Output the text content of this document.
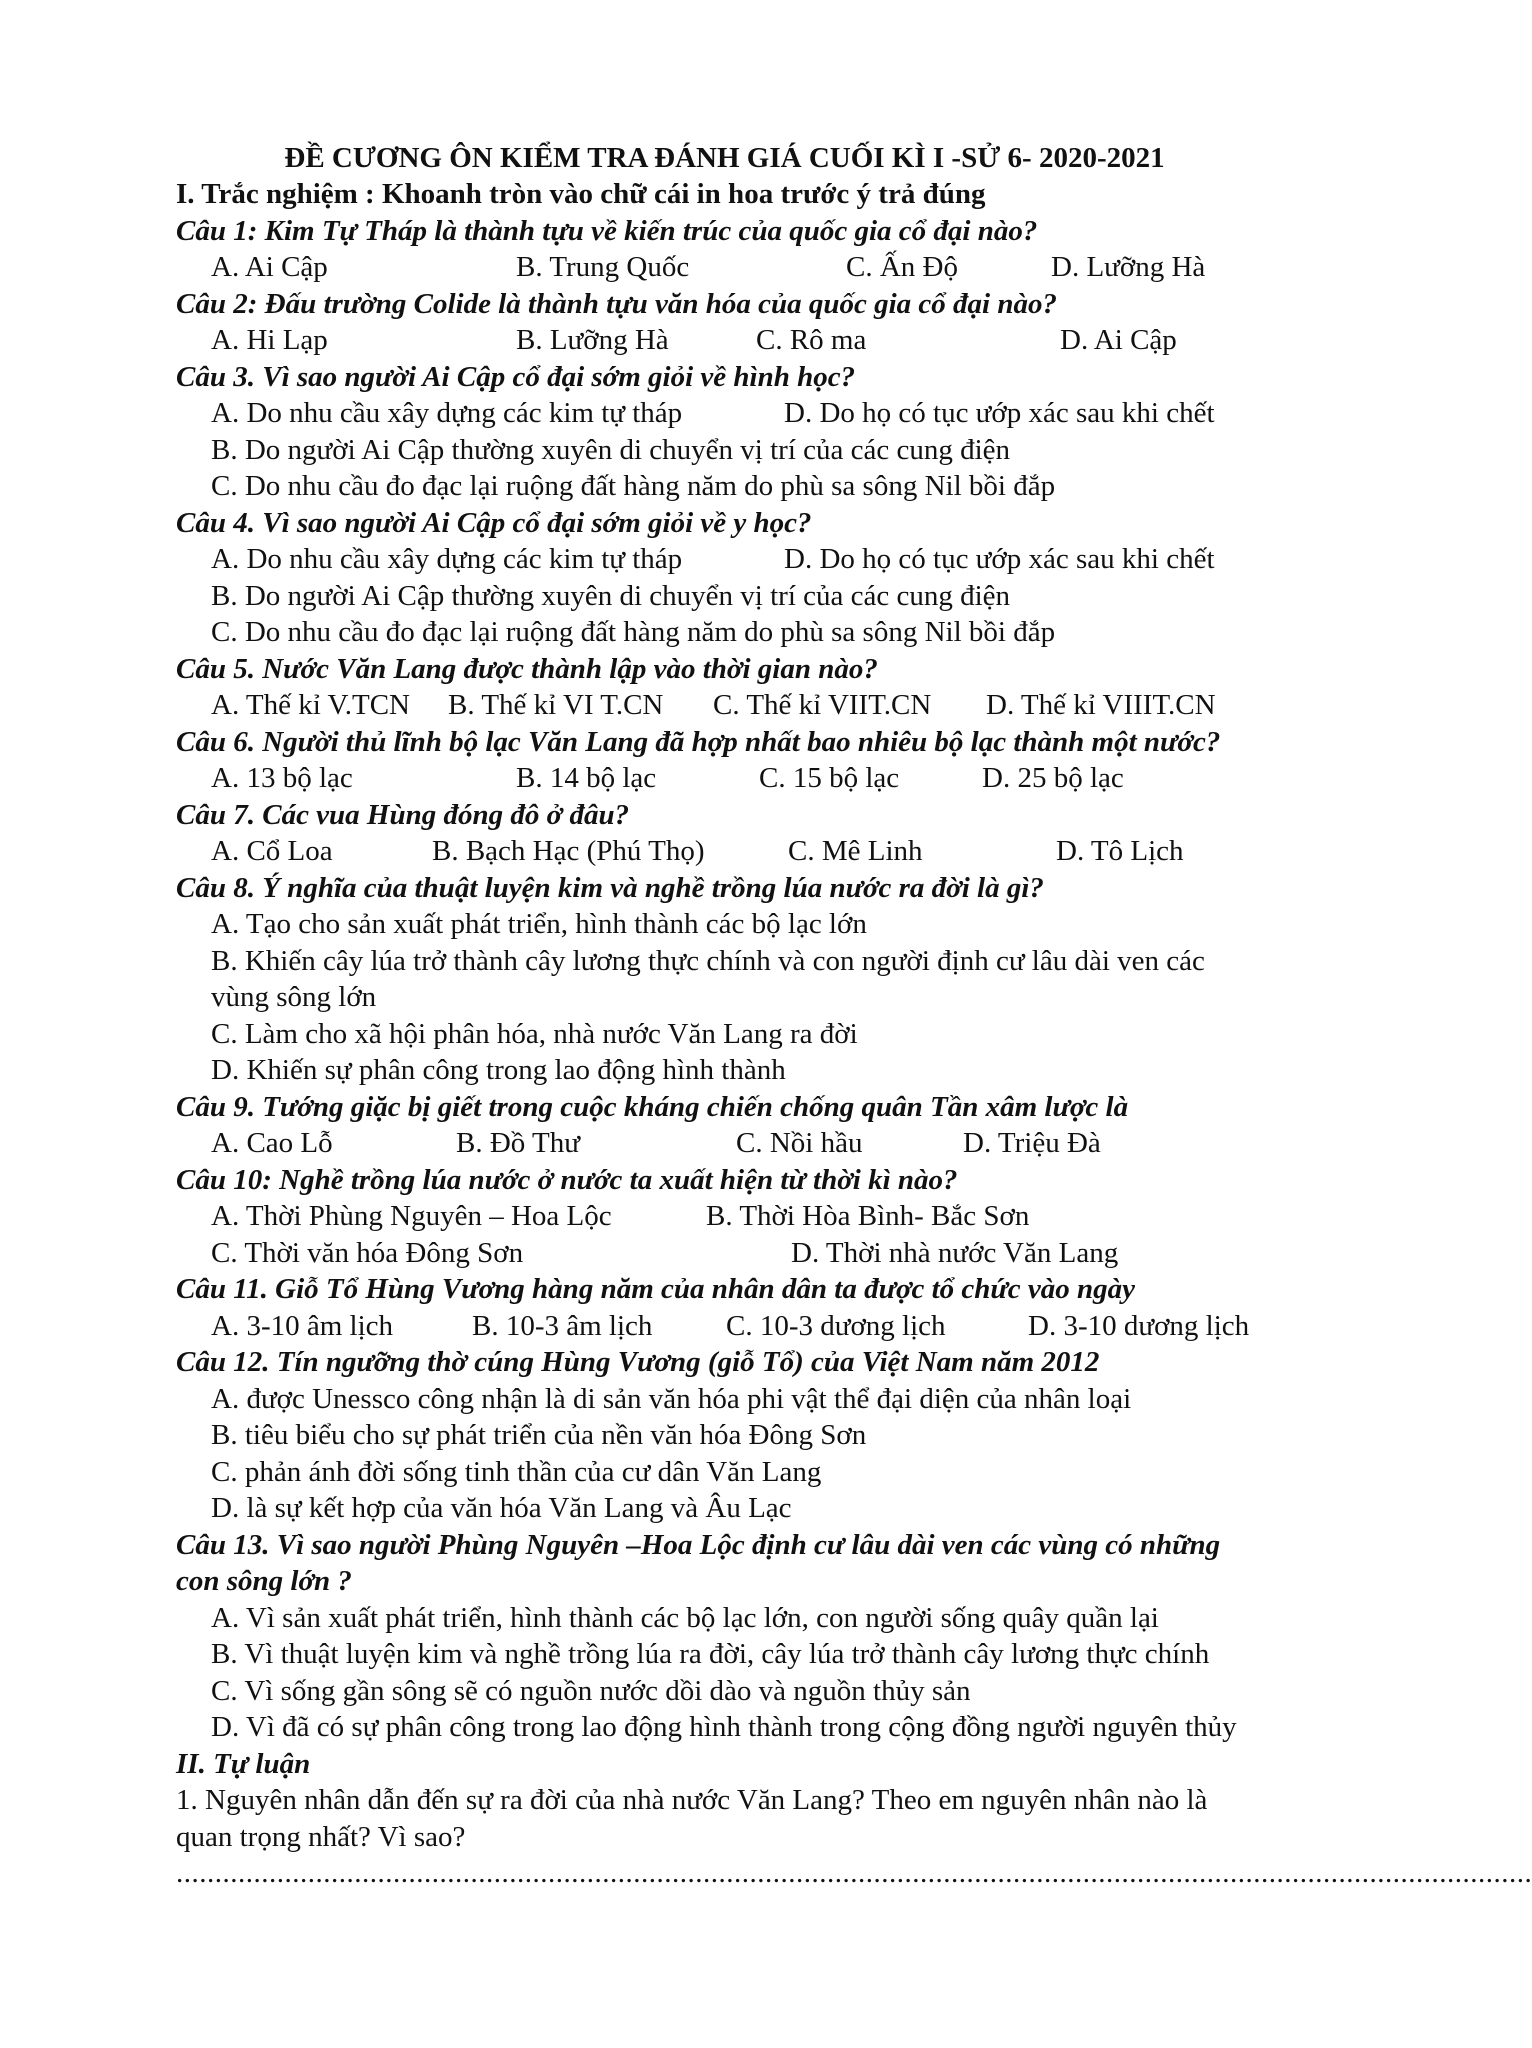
ĐỀ CƯƠNG ÔN KIỂM TRA ĐÁNH GIÁ CUỐI KÌ I -SỬ 6- 2020-2021
I. Trắc nghiệm : Khoanh tròn vào chữ cái in hoa trước ý trả đúng
Câu 1: Kim Tự Tháp là thành tựu về kiến trúc của quốc gia cổ đại nào?
A. Ai Cập	B. Trung Quốc	C. Ấn Độ	D. Lưỡng Hà
Câu 2: Đấu trường Colide là thành tựu văn hóa của quốc gia cổ đại nào?
A. Hi Lạp	B. Lưỡng Hà	C. Rô ma	D. Ai Cập
Câu 3. Vì sao người Ai Cập cổ đại sớm giỏi về hình học?
A. Do nhu cầu xây dựng các kim tự tháp	D. Do họ có tục ướp xác sau khi chết
B. Do người Ai Cập thường xuyên di chuyển vị trí của các cung điện
C. Do nhu cầu đo đạc lại ruộng đất hàng năm do phù sa sông Nil bồi đắp
Câu 4. Vì sao người Ai Cập cổ đại sớm giỏi về y học?
A. Do nhu cầu xây dựng các kim tự tháp	D. Do họ có tục ướp xác sau khi chết
B. Do người Ai Cập thường xuyên di chuyển vị trí của các cung điện
C. Do nhu cầu đo đạc lại ruộng đất hàng năm do phù sa sông Nil bồi đắp
Câu 5. Nước Văn Lang được thành lập vào thời gian nào?
A. Thế kỉ V.TCN B. Thế kỉ VI T.CN C. Thế kỉ VIIT.CN D. Thế kỉ VIIIT.CN
Câu 6. Người thủ lĩnh bộ lạc Văn Lang đã hợp nhất bao nhiêu bộ lạc thành một nước?
A. 13 bộ lạc	B. 14 bộ lạc	C. 15 bộ lạc	D. 25 bộ lạc
Câu 7. Các vua Hùng đóng đô ở đâu?
A. Cổ Loa	B. Bạch Hạc (Phú Thọ)	C. Mê Linh	D. Tô Lịch
Câu 8. Ý nghĩa của thuật luyện kim và nghề trồng lúa nước ra đời là gì?
A. Tạo cho sản xuất phát triển, hình thành các bộ lạc lớn
B. Khiến cây lúa trở thành cây lương thực chính và con người định cư lâu dài ven các
vùng sông lớn
C. Làm cho xã hội phân hóa, nhà nước Văn Lang ra đời
D. Khiến sự phân công trong lao động hình thành
Câu 9. Tướng giặc bị giết trong cuộc kháng chiến chống quân Tần xâm lược là
A. Cao Lỗ	B. Đồ Thư	C. Nồi hầu	D. Triệu Đà
Câu 10: Nghề trồng lúa nước ở nước ta xuất hiện từ thời kì nào?
A. Thời Phùng Nguyên – Hoa Lộc	B. Thời Hòa Bình- Bắc Sơn
C. Thời văn hóa Đông Sơn	D. Thời nhà nước Văn Lang
Câu 11. Giỗ Tổ Hùng Vương hàng năm của nhân dân ta được tổ chức vào ngày
A. 3-10 âm lịch	B. 10-3 âm lịch	C. 10-3 dương lịch	D. 3-10 dương lịch
Câu 12. Tín ngưỡng thờ cúng Hùng Vương (giỗ Tổ) của Việt Nam năm 2012
A. được Unessco công nhận là di sản văn hóa phi vật thể đại diện của nhân loại
B. tiêu biểu cho sự phát triển của nền văn hóa Đông Sơn
C. phản ánh đời sống tinh thần của cư dân Văn Lang
D. là sự kết hợp của văn hóa Văn Lang và Âu Lạc
Câu 13. Vì sao người Phùng Nguyên –Hoa Lộc định cư lâu dài ven các vùng có những
con sông lớn ?
A. Vì sản xuất phát triển, hình thành các bộ lạc lớn, con người sống quây quần lại
B. Vì thuật luyện kim và nghề trồng lúa ra đời, cây lúa trở thành cây lương thực chính
C. Vì sống gần sông sẽ có nguồn nước dồi dào và nguồn thủy sản
D. Vì đã có sự phân công trong lao động hình thành trong cộng đồng người nguyên thủy
II. Tự luận
1. Nguyên nhân dẫn đến sự ra đời của nhà nước Văn Lang? Theo em nguyên nhân nào là
quan trọng nhất? Vì sao?
...............................................................................................................................................................................
